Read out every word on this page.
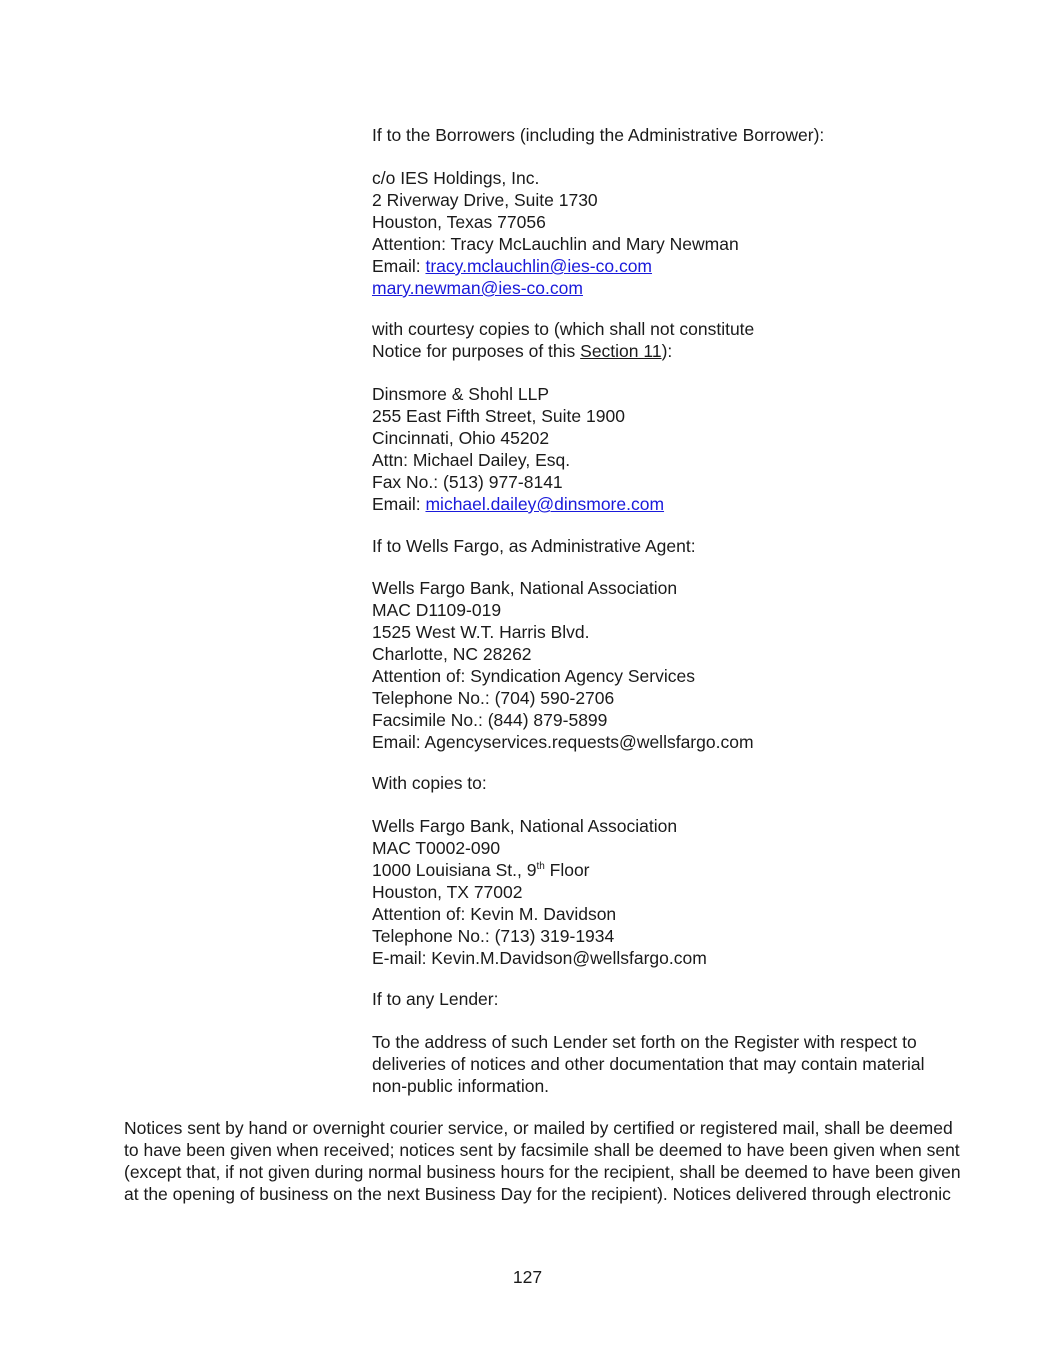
If to the Borrowers (including the Administrative Borrower):
c/o IES Holdings, Inc.
2 Riverway Drive, Suite 1730
Houston, Texas 77056
Attention: Tracy McLauchlin and Mary Newman
Email: tracy.mclauchlin@ies-co.com
mary.newman@ies-co.com
with courtesy copies to (which shall not constitute
Notice for purposes of this Section 11):
Dinsmore & Shohl LLP
255 East Fifth Street, Suite 1900
Cincinnati, Ohio 45202
Attn: Michael Dailey, Esq.
Fax No.: (513) 977-8141
Email: michael.dailey@dinsmore.com
If to Wells Fargo, as Administrative Agent:
Wells Fargo Bank, National Association
MAC D1109-019
1525 West W.T. Harris Blvd.
Charlotte, NC 28262
Attention of: Syndication Agency Services
Telephone No.: (704) 590-2706
Facsimile No.: (844) 879-5899
Email: Agencyservices.requests@wellsfargo.com
With copies to:
Wells Fargo Bank, National Association
MAC T0002-090
1000 Louisiana St., 9th Floor
Houston, TX 77002
Attention of: Kevin M. Davidson
Telephone No.: (713) 319-1934
E-mail: Kevin.M.Davidson@wellsfargo.com
If to any Lender:
To the address of such Lender set forth on the Register with respect to
deliveries of notices and other documentation that may contain material
non-public information.
Notices sent by hand or overnight courier service, or mailed by certified or registered mail, shall be deemed
to have been given when received; notices sent by facsimile shall be deemed to have been given when sent
(except that, if not given during normal business hours for the recipient, shall be deemed to have been given
at the opening of business on the next Business Day for the recipient). Notices delivered through electronic
127
